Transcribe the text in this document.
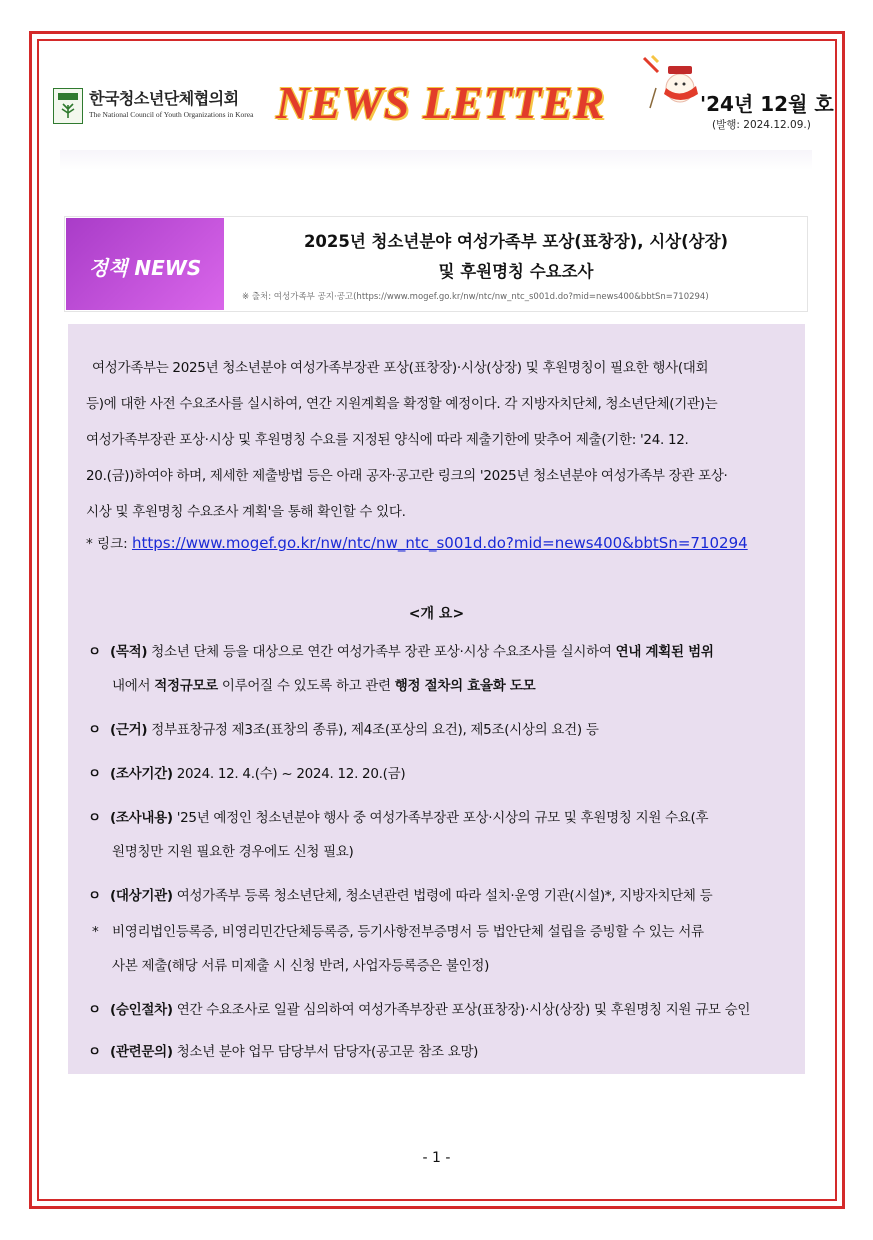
한국청소년단체협의회
The National Council of Youth Organizations in Korea NEWS LETTER	'24년 12월 호
(발행: 2024.12.09.)
정책 NEWS
2025년 청소년분야 여성가족부 포상(표창장), 시상(상장)
및 후원명칭 수요조사
※ 출처: 여성가족부 공지·공고(https://www.mogef.go.kr/nw/ntc/nw_ntc_s001d.do?mid=news400&bbtSn=710294)
여성가족부는 2025년 청소년분야 여성가족부장관 포상(표창장)·시상(상장) 및 후원명칭이 필요한 행사(대회
등)에 대한 사전 수요조사를 실시하여, 연간 지원계획을 확정할 예정이다. 각 지방자치단체, 청소년단체(기관)는
여성가족부장관 포상·시상 및 후원명칭 수요를 지정된 양식에 따라 제출기한에 맞추어 제출(기한: '24. 12.
20.(금))하여야 하며, 제세한 제출방법 등은 아래 공자·공고란 링크의 '2025년 청소년분야 여성가족부 장관 포상·
시상 및 후원명칭 수요조사 계획'을 통해 확인할 수 있다.
* 링크: https://www.mogef.go.kr/nw/ntc/nw_ntc_s001d.do?mid=news400&bbtSn=710294
<개 요>
ㅇ (목적) 청소년 단체 등을 대상으로 연간 여성가족부 장관 포상·시상 수요조사를 실시하여 연내 계획된 범위
내에서 적정규모로 이루어질 수 있도록 하고 관련 행정 절차의 효율화 도모
ㅇ (근거) 정부표창규정 제3조(표창의 종류), 제4조(포상의 요건), 제5조(시상의 요건) 등
ㅇ (조사기간) 2024. 12. 4.(수) ~ 2024. 12. 20.(금)
ㅇ (조사내용) '25년 예정인 청소년분야 행사 중 여성가족부장관 포상·시상의 규모 및 후원명칭 지원 수요(후
원명칭만 지원 필요한 경우에도 신청 필요)
ㅇ (대상기관) 여성가족부 등록 청소년단체, 청소년관련 법령에 따라 설치·운영 기관(시설)*, 지방자치단체 등
* 비영리법인등록증, 비영리민간단체등록증, 등기사항전부증명서 등 법안단체 설립을 증빙할 수 있는 서류
사본 제출(해당 서류 미제출 시 신청 반려, 사업자등록증은 불인정)
ㅇ (승인절차) 연간 수요조사로 일괄 심의하여 여성가족부장관 포상(표창장)·시상(상장) 및 후원명칭 지원 규모 승인
ㅇ (관련문의) 청소년 분야 업무 담당부서 담당자(공고문 참조 요망)
- 1 -
